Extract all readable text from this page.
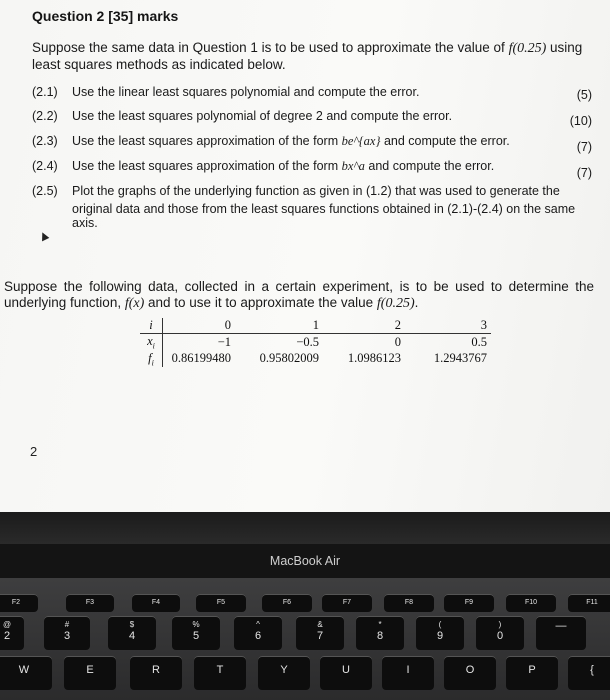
Question 2 [35] marks
Suppose the same data in Question 1 is to be used to approximate the value of f(0.25) using least squares methods as indicated below.
(2.1) Use the linear least squares polynomial and compute the error.	(5)
(2.2) Use the least squares polynomial of degree 2 and compute the error.	(10)
(2.3) Use the least squares approximation of the form be^{ax} and compute the error.	(7)
(2.4) Use the least squares approximation of the form bx^a and compute the error.	(7)
(2.5) Plot the graphs of the underlying function as given in (1.2) that was used to generate the
original data and those from the least squares functions obtained in (2.1)-(2.4) on the same
axis.
Suppose the following data, collected in a certain experiment, is to be used to determine the underlying function, f(x) and to use it to approximate the value f(0.25).
i	0	1	2	3
$x_i$	−1	−0.5	0	0.5
$f_i$	0.86199480	0.95802009	1.0986123	1.2943767
2
MacBook Air
F2	F3	F4	F5	F6	F7	F8	F9	F10	F11
@
2
#
3
$
4
%
5
^
6
&
7
*
8
(
9
)
0
—
W	E	R	T	Y	U	I	O	P	{
